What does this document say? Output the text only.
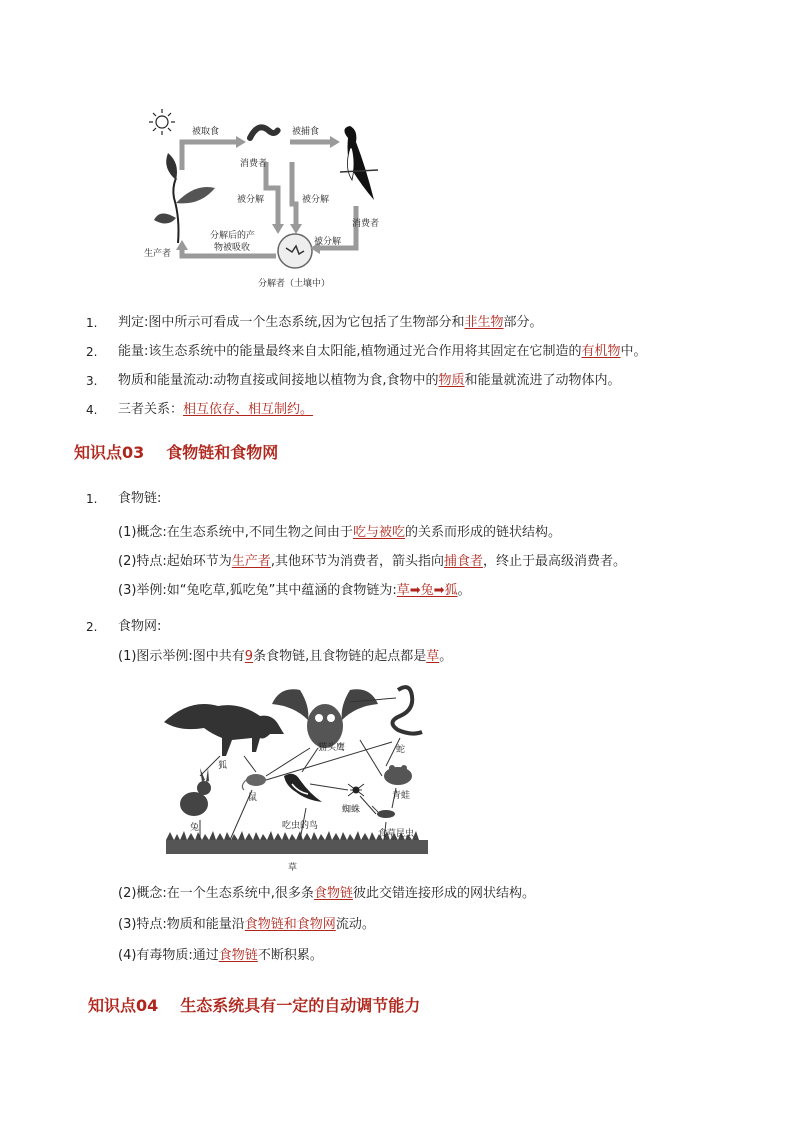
被取食	被捕食
消费者
被分解	被分解
被分解
分解后的产
物被吸收
消费者
生产者
分解者（土壤中）
1. 判定:图中所示可看成一个生态系统,因为它包括了生物部分和非生物部分。
2. 能量:该生态系统中的能量最终来自太阳能,植物通过光合作用将其固定在它制造的有机物中。
3. 物质和能量流动:动物直接或间接地以植物为食,食物中的物质和能量就流进了动物体内。
4. 三者关系：相互依存、相互制约。
知识点03 食物链和食物网
1. 食物链:
(1)概念:在生态系统中,不同生物之间由于吃与被吃的关系而形成的链状结构。
(2)特点:起始环节为生产者,其他环节为消费者，箭头指向捕食者，终止于最高级消费者。
(3)举例:如“兔吃草,狐吃兔”其中蕴涵的食物链为:草➡兔➡狐。
2. 食物网:
(1)图示举例:图中共有9条食物链,且食物链的起点都是草。
狐
猫头鹰	蛇
兔
鼠
吃虫的鸟
蜘蛛
青蛙
食草昆虫
草
(2)概念:在一个生态系统中,很多条食物链彼此交错连接形成的网状结构。
(3)特点:物质和能量沿食物链和食物网流动。
(4)有毒物质:通过食物链不断积累。
知识点04 生态系统具有一定的自动调节能力
